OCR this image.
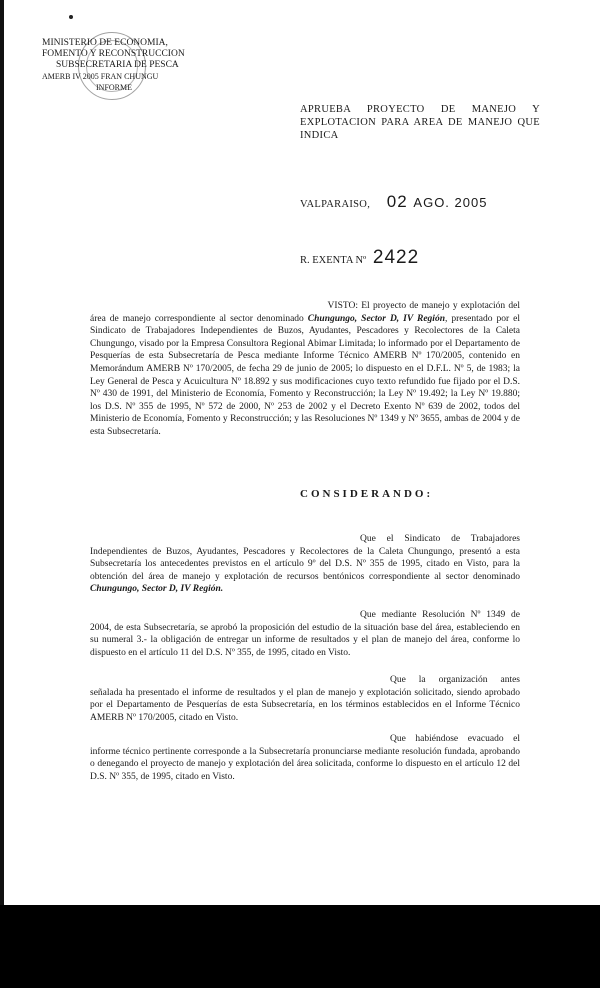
MINISTERIO DE ECONOMIA,
FOMENTO Y RECONSTRUCCION
SUBSECRETARIA DE PESCA
AMERB IV 2005 FRAN CHUNGU
INFORME
APRUEBA PROYECTO DE MANEJO Y EXPLOTACION PARA AREA DE MANEJO QUE INDICA
VALPARAISO, 02 AGO. 2005
R. EXENTA Nº 2422

VISTO: El proyecto de manejo y explotación del área de manejo correspondiente al sector denominado Chungungo, Sector D, IV Región, presentado por el Sindicato de Trabajadores Independientes de Buzos, Ayudantes, Pescadores y Recolectores de la Caleta Chungungo, visado por la Empresa Consultora Regional Abimar Limitada; lo informado por el Departamento de Pesquerías de esta Subsecretaría de Pesca mediante Informe Técnico AMERB Nº 170/2005, contenido en Memorándum AMERB Nº 170/2005, de fecha 29 de junio de 2005; lo dispuesto en el D.F.L. Nº 5, de 1983; la Ley General de Pesca y Acuicultura Nº 18.892 y sus modificaciones cuyo texto refundido fue fijado por el D.S. Nº 430 de 1991, del Ministerio de Economía, Fomento y Reconstrucción; la Ley Nº 19.492; la Ley Nº 19.880; los D.S. Nº 355 de 1995, Nº 572 de 2000, Nº 253 de 2002 y el Decreto Exento Nº 639 de 2002, todos del Ministerio de Economía, Fomento y Reconstrucción; y las Resoluciones Nº 1349 y Nº 3655, ambas de 2004 y de esta Subsecretaría.

CONSIDERANDO:

Que el Sindicato de Trabajadores Independientes de Buzos, Ayudantes, Pescadores y Recolectores de la Caleta Chungungo, presentó a esta Subsecretaría los antecedentes previstos en el artículo 9º del D.S. Nº 355 de 1995, citado en Visto, para la obtención del área de manejo y explotación de recursos bentónicos correspondiente al sector denominado Chungungo, Sector D, IV Región.

Que mediante Resolución Nº 1349 de 2004, de esta Subsecretaría, se aprobó la proposición del estudio de la situación base del área, estableciendo en su numeral 3.- la obligación de entregar un informe de resultados y el plan de manejo del área, conforme lo dispuesto en el artículo 11 del D.S. Nº 355, de 1995, citado en Visto.

Que la organización antes señalada ha presentado el informe de resultados y el plan de manejo y explotación solicitado, siendo aprobado por el Departamento de Pesquerías de esta Subsecretaría, en los términos establecidos en el Informe Técnico AMERB Nº 170/2005, citado en Visto.

Que habiéndose evacuado el informe técnico pertinente corresponde a la Subsecretaría pronunciarse mediante resolución fundada, aprobando o denegando el proyecto de manejo y explotación del área solicitada, conforme lo dispuesto en el artículo 12 del D.S. Nº 355, de 1995, citado en Visto.
